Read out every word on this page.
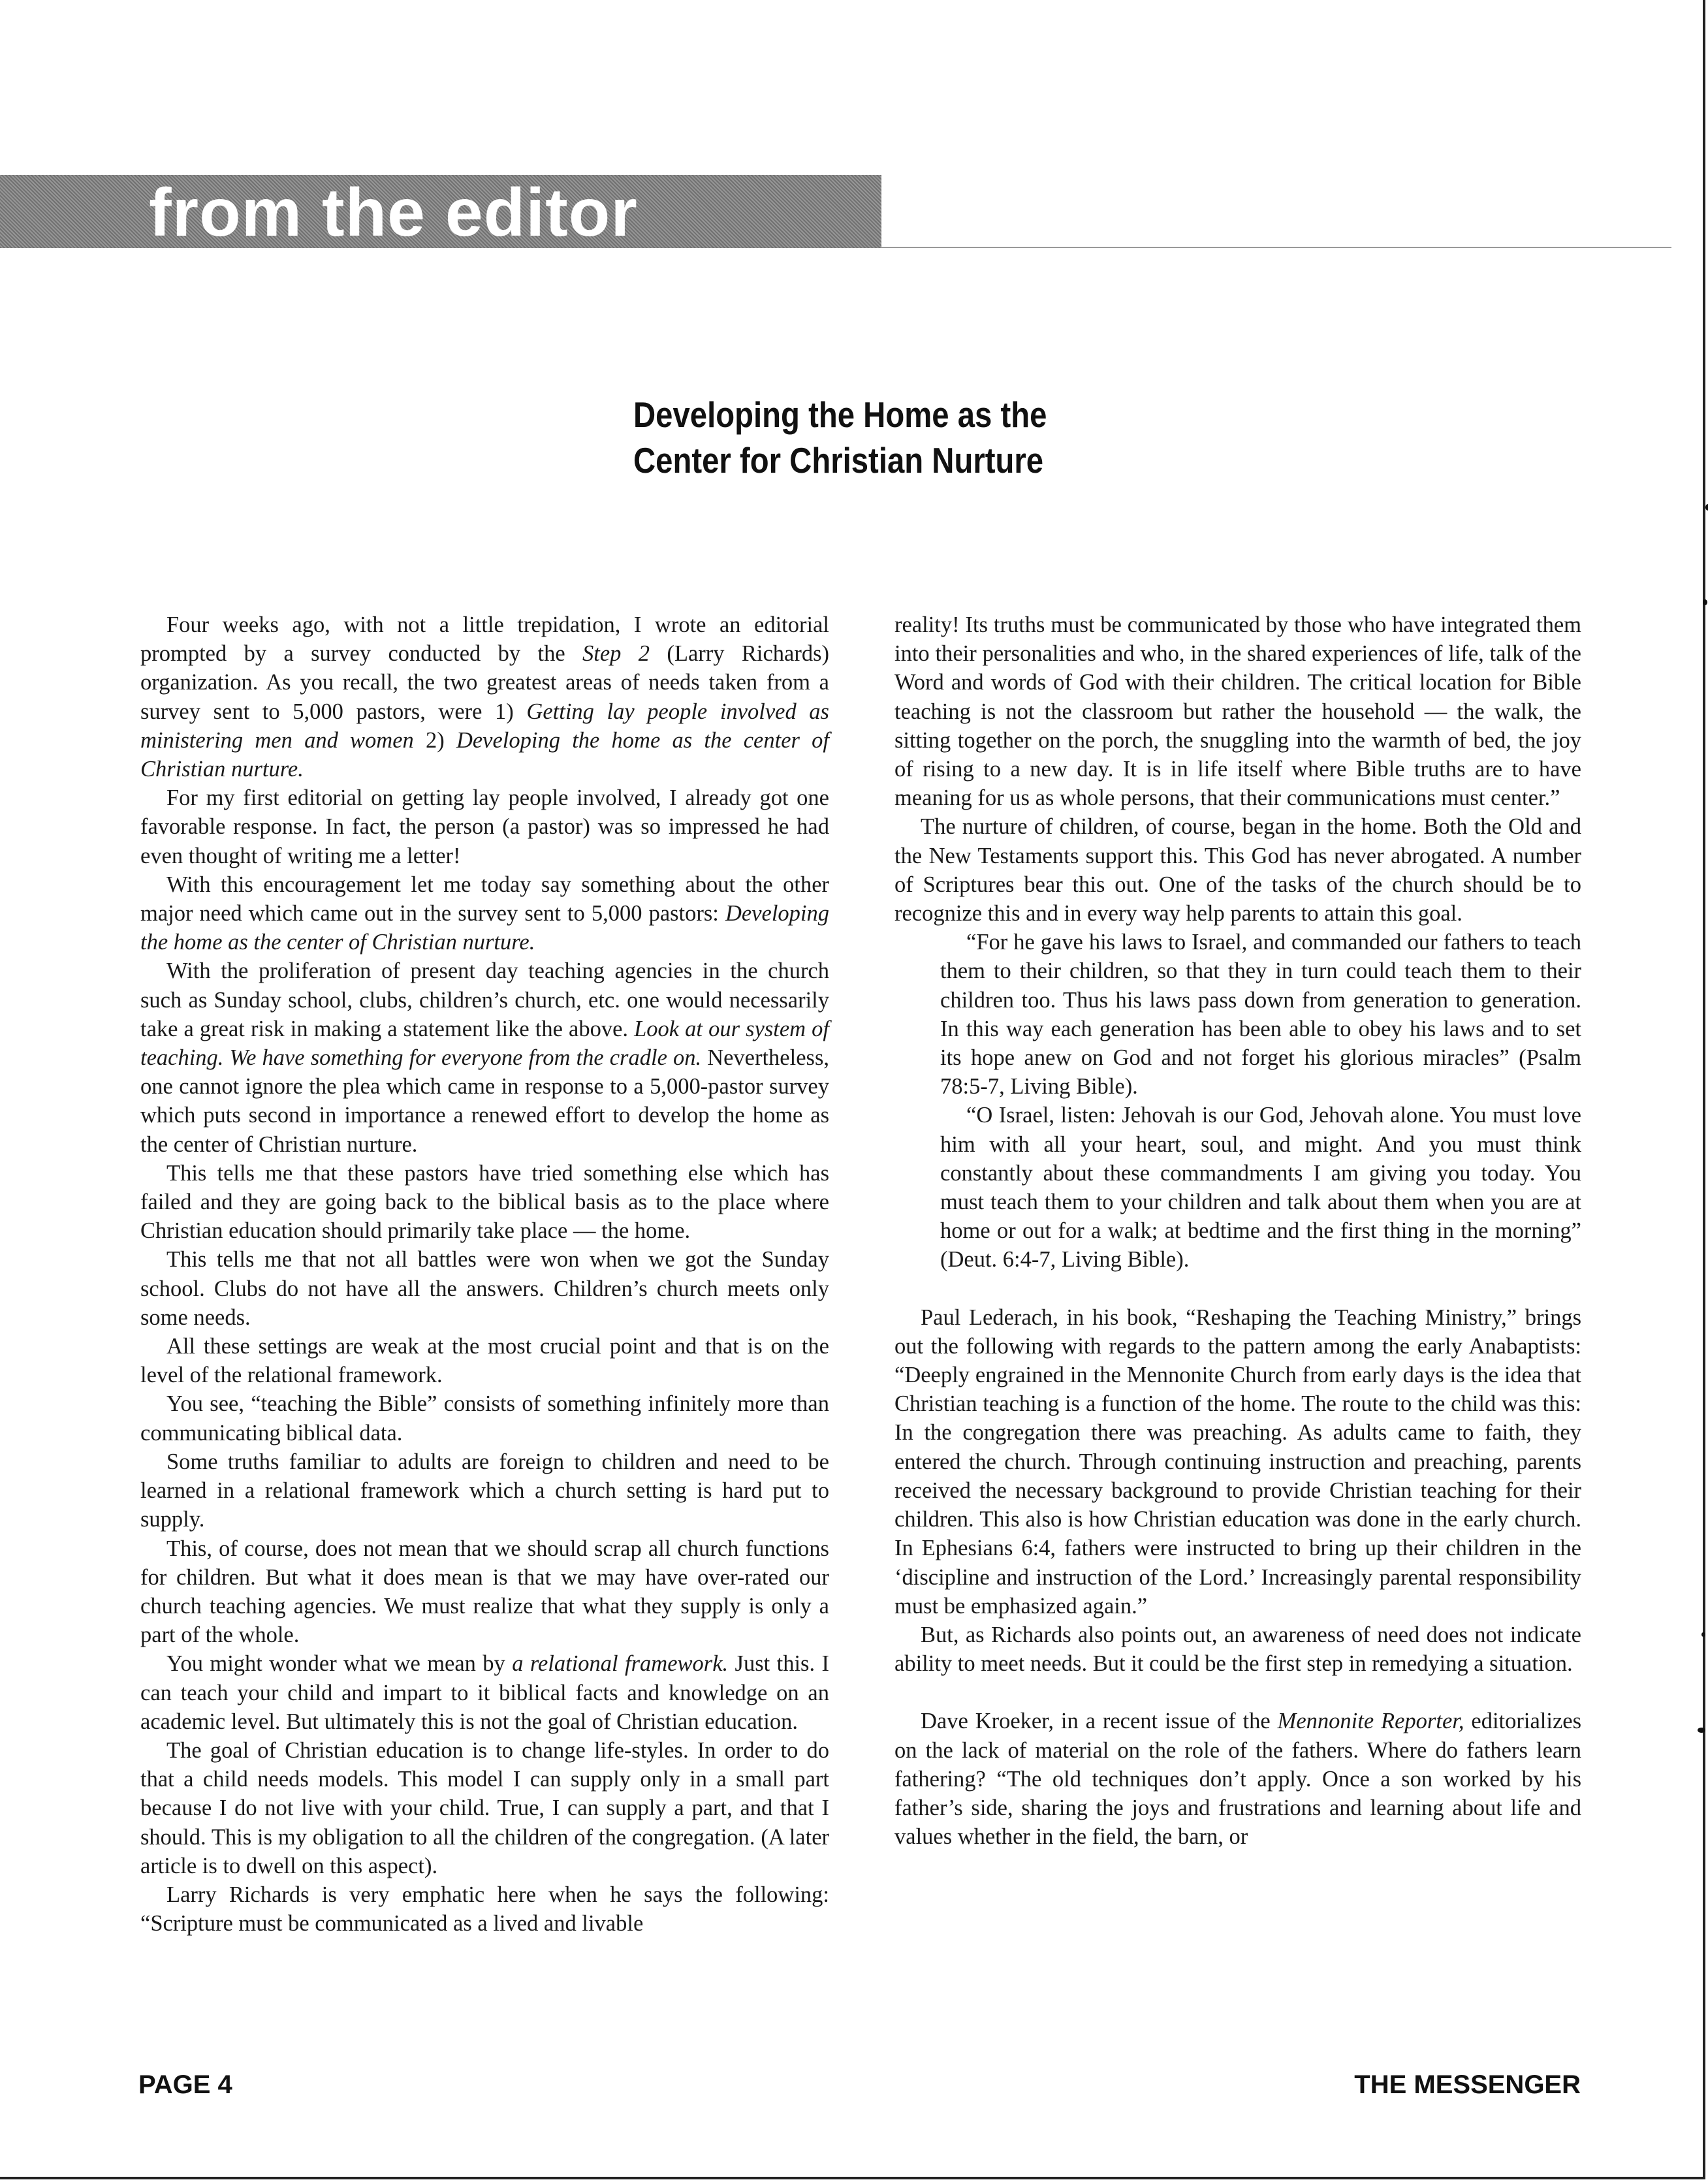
from the editor
Developing the Home as the
Center for Christian Nurture

Four weeks ago, with not a little trepidation, I wrote an editorial prompted by a survey conducted by the Step 2 (Larry Richards) organization. As you recall, the two greatest areas of needs taken from a survey sent to 5,000 pastors, were 1) Getting lay people involved as ministering men and women 2) Developing the home as the center of Christian nurture.

For my first editorial on getting lay people involved, I already got one favorable response. In fact, the person (a pastor) was so impressed he had even thought of writing me a letter!

With this encouragement let me today say something about the other major need which came out in the survey sent to 5,000 pastors: Developing the home as the center of Christian nurture.

With the proliferation of present day teaching agencies in the church such as Sunday school, clubs, children’s church, etc. one would necessarily take a great risk in making a statement like the above. Look at our system of teaching. We have something for everyone from the cradle on. Nevertheless, one cannot ignore the plea which came in response to a 5,000-pastor survey which puts second in importance a renewed effort to develop the home as the center of Christian nurture.

This tells me that these pastors have tried something else which has failed and they are going back to the biblical basis as to the place where Christian education should primarily take place — the home.

This tells me that not all battles were won when we got the Sunday school. Clubs do not have all the answers. Children’s church meets only some needs.

All these settings are weak at the most crucial point and that is on the level of the relational framework.

You see, “teaching the Bible” consists of something infinitely more than communicating biblical data.

Some truths familiar to adults are foreign to children and need to be learned in a relational framework which a church setting is hard put to supply.

This, of course, does not mean that we should scrap all church functions for children. But what it does mean is that we may have over-rated our church teaching agencies. We must realize that what they supply is only a part of the whole.

You might wonder what we mean by a relational framework. Just this. I can teach your child and impart to it biblical facts and knowledge on an academic level. But ultimately this is not the goal of Christian education.

The goal of Christian education is to change life-styles. In order to do that a child needs models. This model I can supply only in a small part because I do not live with your child. True, I can supply a part, and that I should. This is my obligation to all the children of the congregation. (A later article is to dwell on this aspect).

Larry Richards is very emphatic here when he says the following: “Scripture must be communicated as a lived and livable

reality! Its truths must be communicated by those who have integrated them into their personalities and who, in the shared experiences of life, talk of the Word and words of God with their children. The critical location for Bible teaching is not the classroom but rather the household — the walk, the sitting together on the porch, the snuggling into the warmth of bed, the joy of rising to a new day. It is in life itself where Bible truths are to have meaning for us as whole persons, that their communications must center.”

The nurture of children, of course, began in the home. Both the Old and the New Testaments support this. This God has never abrogated. A number of Scriptures bear this out. One of the tasks of the church should be to recognize this and in every way help parents to attain this goal.

“For he gave his laws to Israel, and commanded our fathers to teach them to their children, so that they in turn could teach them to their children too. Thus his laws pass down from generation to generation. In this way each generation has been able to obey his laws and to set its hope anew on God and not forget his glorious miracles” (Psalm 78:5-7, Living Bible).

“O Israel, listen: Jehovah is our God, Jehovah alone. You must love him with all your heart, soul, and might. And you must think constantly about these commandments I am giving you today. You must teach them to your children and talk about them when you are at home or out for a walk; at bedtime and the first thing in the morning” (Deut. 6:4-7, Living Bible).

Paul Lederach, in his book, “Reshaping the Teaching Ministry,” brings out the following with regards to the pattern among the early Anabaptists: “Deeply engrained in the Mennonite Church from early days is the idea that Christian teaching is a function of the home. The route to the child was this: In the congregation there was preaching. As adults came to faith, they entered the church. Through continuing instruction and preaching, parents received the necessary background to provide Christian teaching for their children. This also is how Christian education was done in the early church. In Ephesians 6:4, fathers were instructed to bring up their children in the ‘discipline and instruction of the Lord.’ Increasingly parental responsibility must be emphasized again.”

But, as Richards also points out, an awareness of need does not indicate ability to meet needs. But it could be the first step in remedying a situation.

Dave Kroeker, in a recent issue of the Mennonite Reporter, editorializes on the lack of material on the role of the fathers. Where do fathers learn fathering? “The old techniques don’t apply. Once a son worked by his father’s side, sharing the joys and frustrations and learning about life and values whether in the field, the barn, or

PAGE 4	THE MESSENGER
